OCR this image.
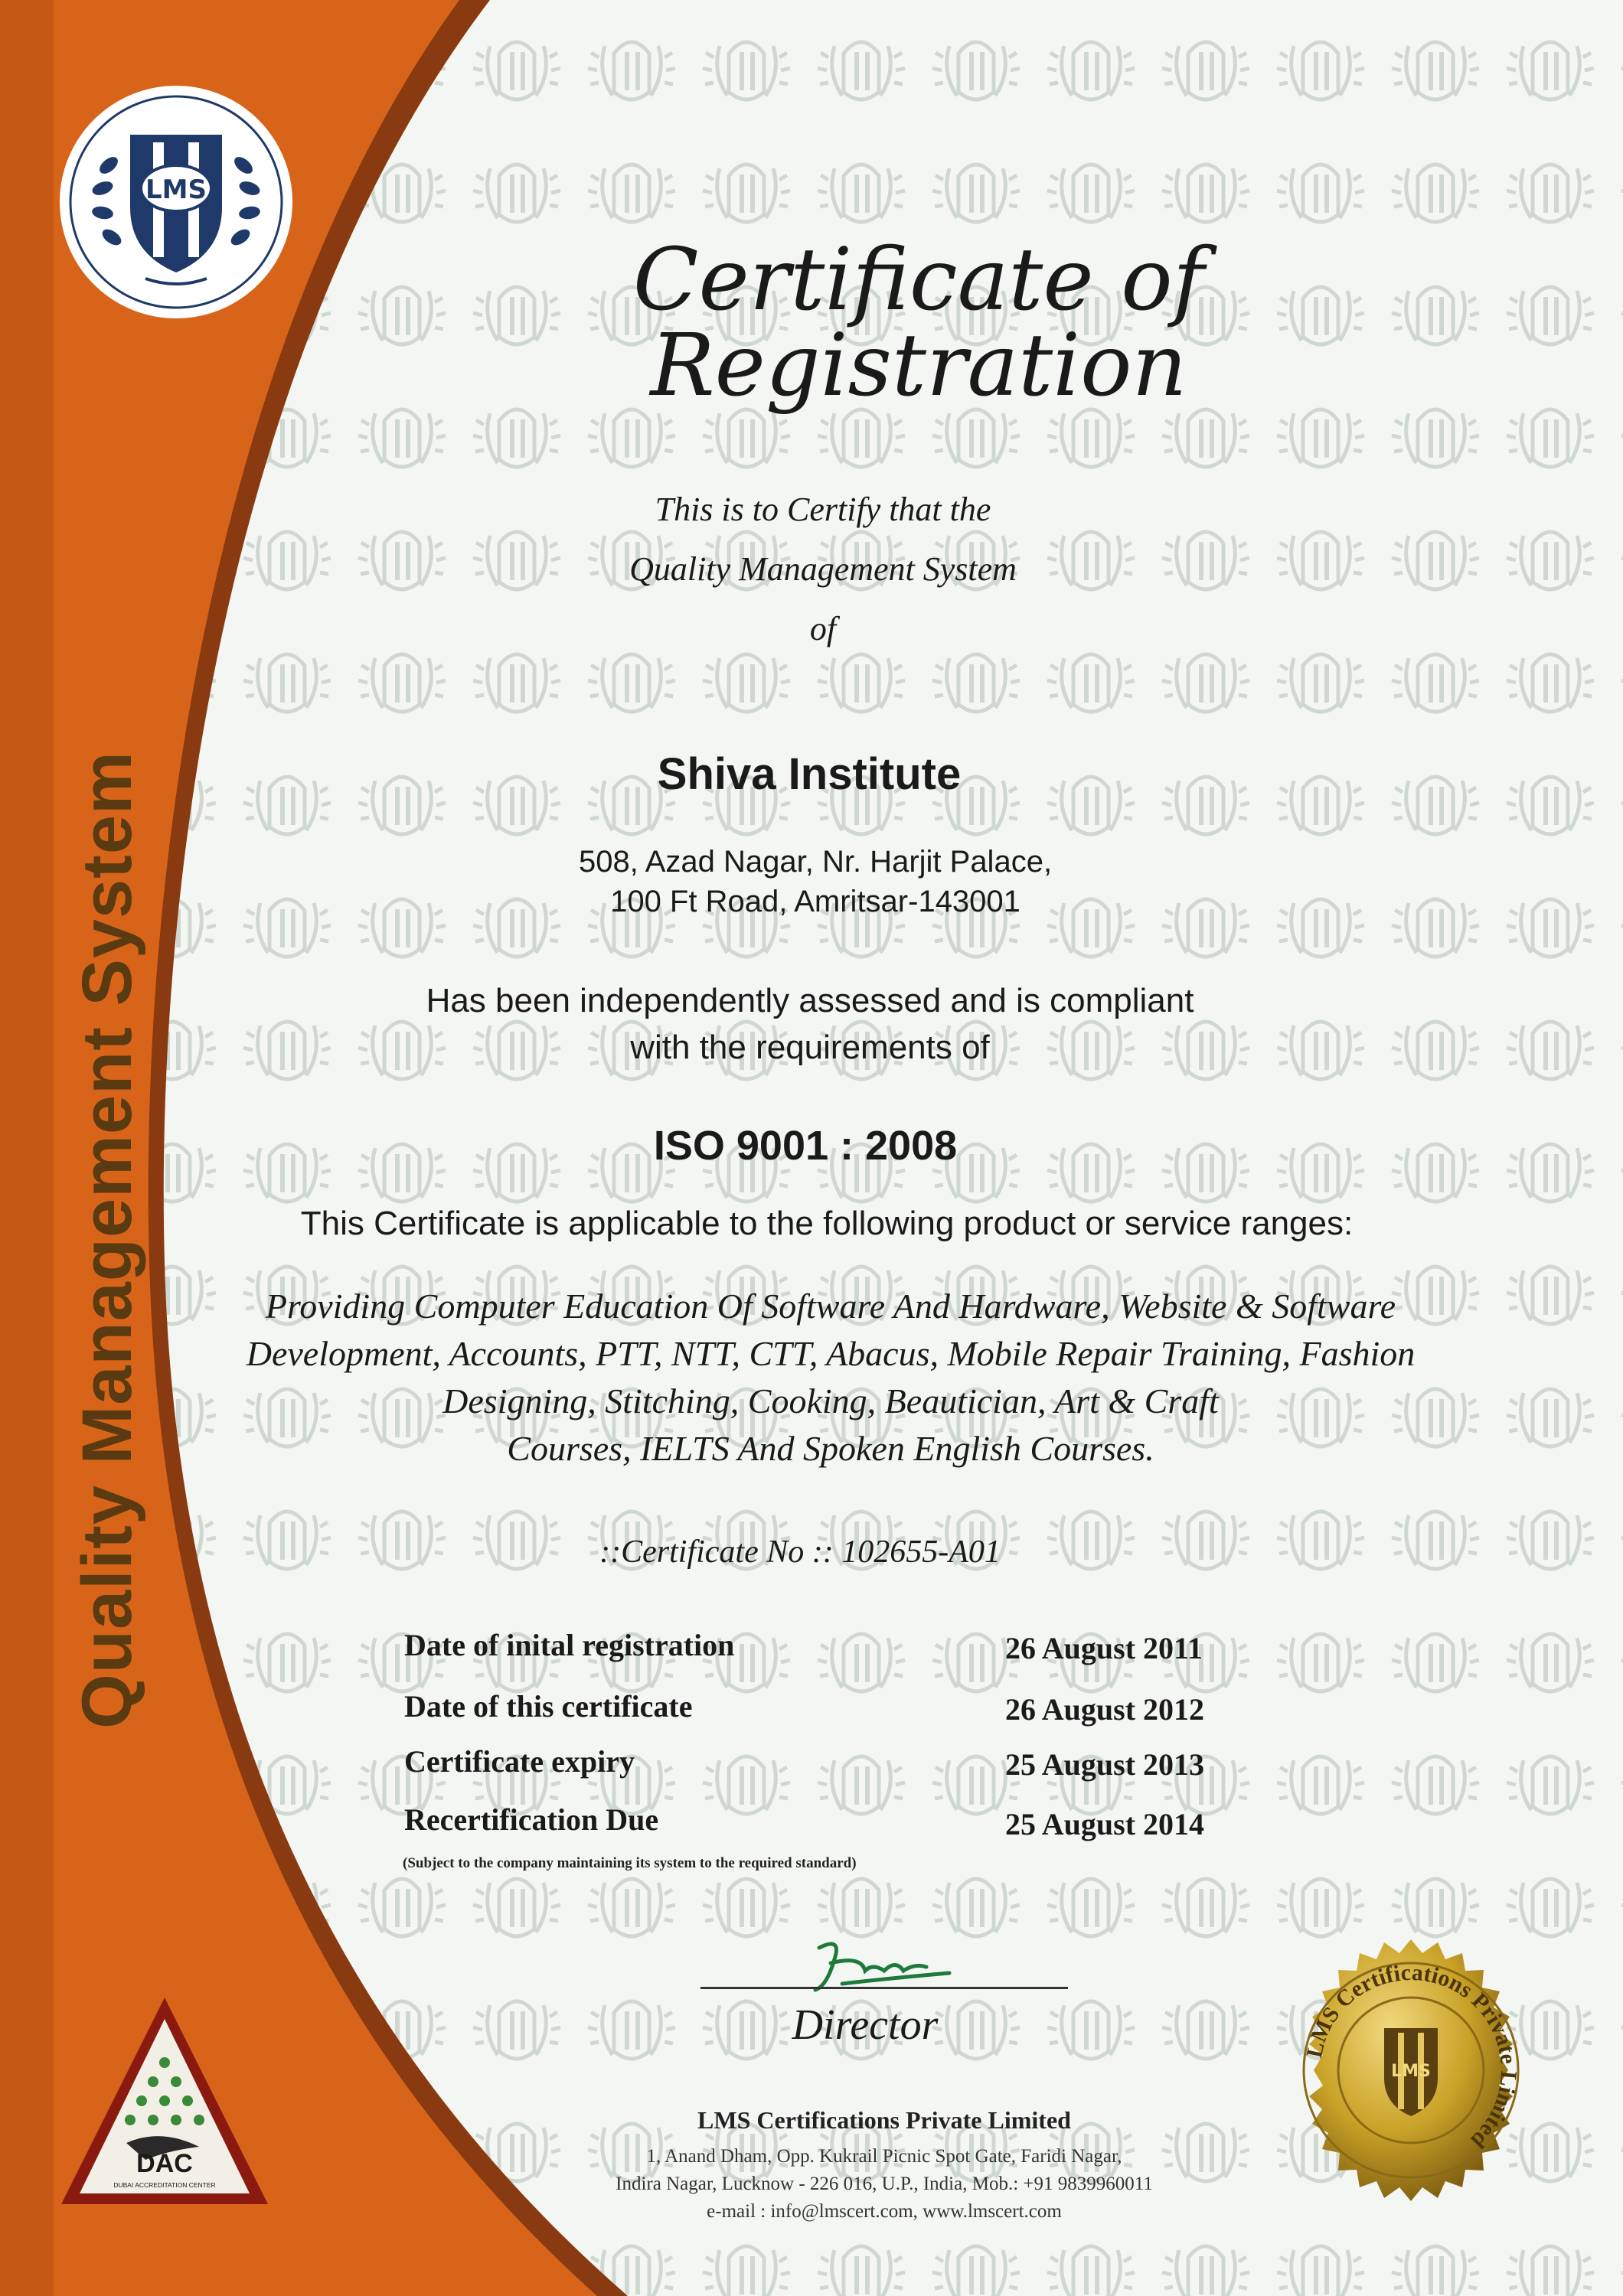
Quality Management System
LMS
Certificate of Registration
This is to Certify that the
Quality Management System
of
Shiva Institute
508, Azad Nagar, Nr. Harjit Palace,
100 Ft Road, Amritsar-143001
Has been independently assessed and is compliant
with the requirements of
ISO 9001 : 2008
This Certificate is applicable to the following product or service ranges:
Providing Computer Education Of Software And Hardware, Website & Software
Development, Accounts, PTT, NTT, CTT, Abacus, Mobile Repair Training, Fashion
Designing, Stitching, Cooking, Beautician, Art & Craft
Courses, IELTS And Spoken English Courses.
::Certificate No :: 102655-A01
Date of inital registration	26 August 2011
Date of this certificate	26 August 2012
Certificate expiry	25 August 2013
Recertification Due	25 August 2014
(Subject to the company maintaining its system to the required standard)
Director
LMS Certifications Private Limited
1, Anand Dham, Opp. Kukrail Picnic Spot Gate, Faridi Nagar,
Indira Nagar, Lucknow - 226 016, U.P., India, Mob.: +91 9839960011
e-mail : info@lmscert.com, www.lmscert.com
DAC
DUBAI ACCREDITATION CENTER
LMS Certifications Private Limited
LMS
